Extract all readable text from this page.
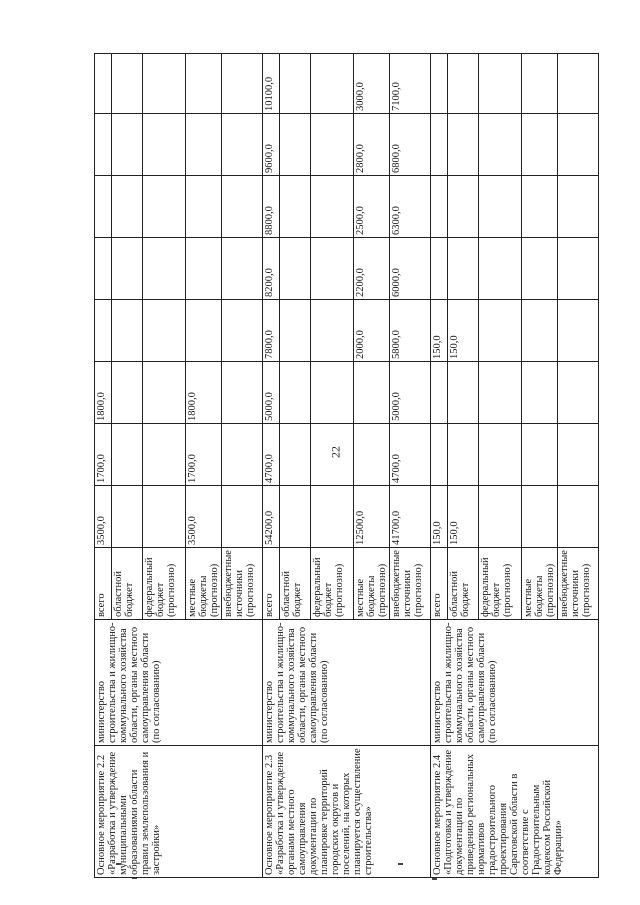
22
Основное мероприятие 2.2 «Разработка и утверждение муниципальными образованиями области правил землепользования и застройки»	министерство строительства и жилищно-коммунального хозяйства области, органы местного самоуправления области (по согласованию)	всего	3500,0	1700,0	1800,0					
		областной бюджет								
		федеральный бюджет (прогнозно)								
		местные бюджеты (прогнозно)	3500,0	1700,0	1800,0					
		внебюджетные источники (прогнозно)								
Основное мероприятие 2.3 «Разработка и утверждение органами местного самоуправления документации по планировке территорий городских округов и поселений, на которых планируется осуществление строительства»	министерство строительства и жилищно-коммунального хозяйства области, органы местного самоуправления области (по согласованию)	всего	54200,0	4700,0	5000,0	7800,0	8200,0	8800,0	9600,0	10100,0
		областной бюджет								
		федеральный бюджет (прогнозно)								
		местные бюджеты (прогнозно)	12500,0			2000,0	2200,0	2500,0	2800,0	3000,0
		внебюджетные источники (прогнозно)	41700,0	4700,0	5000,0	5800,0	6000,0	6300,0	6800,0	7100,0
Основное мероприятие 2.4 «Подготовка и утверждение документации по приведению региональных нормативов градостроительного проектирования Саратовской области в соответствие с Градостроительным кодексом Российской Федерации»	министерство строительства и жилищно-коммунального хозяйства области, органы местного самоуправления области (по согласованию)	всего	150,0			150,0				
		областной бюджет	150,0			150,0				
		федеральный бюджет (прогнозно)								
		местные бюджеты (прогнозно)								
		внебюджетные источники (прогнозно)								
